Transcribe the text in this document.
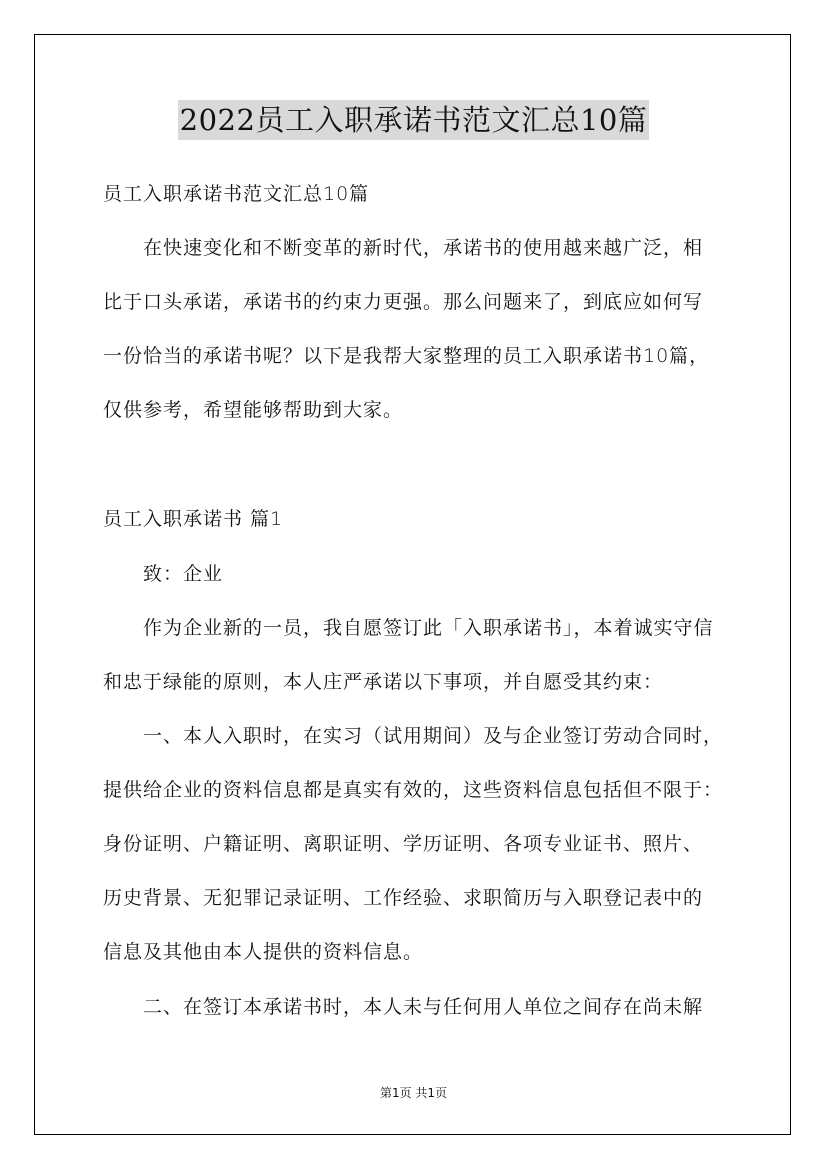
2022员工入职承诺书范文汇总10篇
员工入职承诺书范文汇总10篇
在快速变化和不断变革的新时代，承诺书的使用越来越广泛，相
比于口头承诺，承诺书的约束力更强。那么问题来了，到底应如何写
一份恰当的承诺书呢？以下是我帮大家整理的员工入职承诺书10篇，
仅供参考，希望能够帮助到大家。
员工入职承诺书 篇1
致：企业
作为企业新的一员，我自愿签订此「入职承诺书」，本着诚实守信
和忠于绿能的原则，本人庄严承诺以下事项，并自愿受其约束：
一、本人入职时，在实习（试用期间）及与企业签订劳动合同时，
提供给企业的资料信息都是真实有效的，这些资料信息包括但不限于：
身份证明、户籍证明、离职证明、学历证明、各项专业证书、照片、
历史背景、无犯罪记录证明、工作经验、求职简历与入职登记表中的
信息及其他由本人提供的资料信息。
二、在签订本承诺书时，本人未与任何用人单位之间存在尚未解
第1页 共1页
